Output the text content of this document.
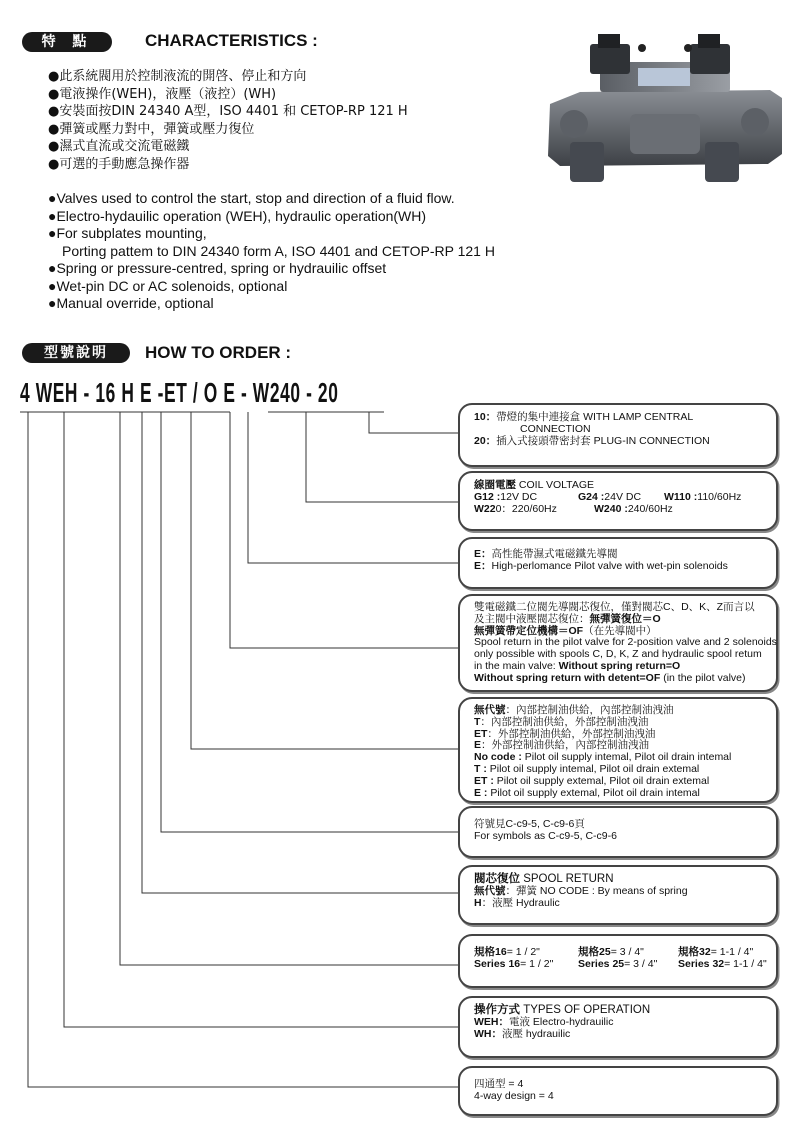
特 點	CHARACTERISTICS :
●此系統閥用於控制液流的開啓、停止和方向
●電液操作(WEH)，液壓（液控）(WH)
●安裝面按DIN 24340 A型，ISO 4401 和 CETOP-RP 121 H
●彈簧或壓力對中，彈簧或壓力復位
●濕式直流或交流電磁鐵
●可選的手動應急操作器
●Valves used to control the start, stop and direction of a fluid flow.
●Electro-hydauilic operation (WEH), hydraulic operation(WH)
●For subplates mounting,
Porting pattem to DIN 24340 form A, ISO 4401 and CETOP-RP 121 H
●Spring or pressure-centred, spring or hydrauilic offset
●Wet-pin DC or AC solenoids, optional
●Manual override, optional
型號說明	HOW TO ORDER :
4 WEH - 16 H E -ET / O E - W240 - 20

10：帶燈的集中連接盒 WITH LAMP CENTRAL

CONNECTION

20：插入式接頭帶密封套 PLUG-IN CONNECTION

線圈電壓 COIL VOLTAGE

G12 :12V DC	G24 :24V DC W110 :110/60Hz

W220：220/60Hz	W240 :240/60Hz

E：高性能帶濕式電磁鐵先導閥

E：High-perlomance Pilot valve with wet-pin solenoids

雙電磁鐵二位閥先導閥芯復位，僅對閥芯C、D、K、Z而言以

及主閥中液壓閥芯復位：無彈簧復位＝O

無彈簧帶定位機構＝OF（在先導閥中）

Spool return in the pilot valve for 2-position valve and 2 solenoids

only possible with spools C, D, K, Z and hydraulic spool retum

in the main valve: Without spring return=O

Without spring return with detent=OF (in the pilot valve)

無代號：內部控制油供給，內部控制油洩油

T：內部控制油供給，外部控制油洩油

ET：外部控制油供給，外部控制油洩油

E：外部控制油供給，內部控制油洩油

No code : Pilot oil supply intemal, Pilot oil drain intemal

T : Pilot oil supply intemal, Pilot oil drain extemal

ET : Pilot oil supply extemal, Pilot oil drain extemal

E : Pilot oil supply extemal, Pilot oil drain intemal

符號見C-c9-5, C-c9-6頁

For symbols as C-c9-5, C-c9-6

閥芯復位 SPOOL RETURN

無代號：彈簧 NO CODE : By means of spring

H：液壓 Hydraulic

規格16= 1 / 2"	規格25= 3 / 4"	規格32= 1-1 / 4"

Series 16= 1 / 2" Series 25= 3 / 4" Series 32= 1-1 / 4"

操作方式 TYPES OF OPERATION

WEH：電液 Electro-hydrauilic

WH：液壓 hydrauilic

四通型 = 4

4-way design = 4
